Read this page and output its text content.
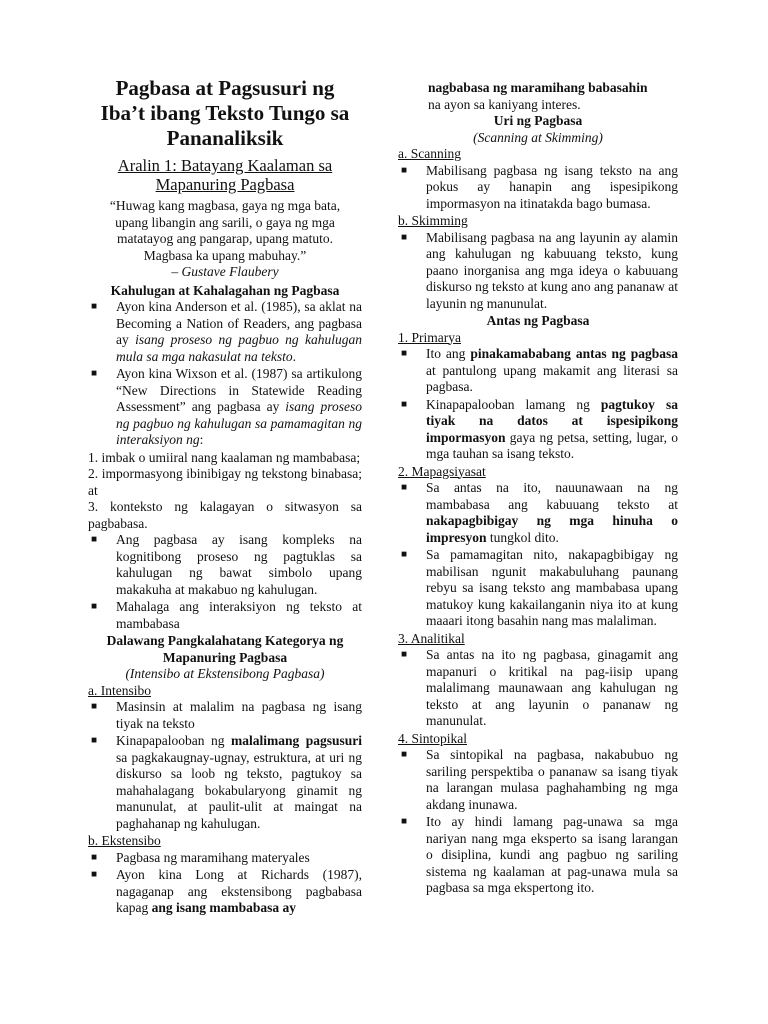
Pagbasa at Pagsusuri ng
Iba’t ibang Teksto Tungo sa
Pananaliksik
Aralin 1: Batayang Kaalaman sa
Mapanuring Pagbasa

“Huwag kang magbasa, gaya ng mga bata,

upang libangin ang sarili, o gaya ng mga

matatayog ang pangarap, upang matuto.

Magbasa ka upang mabuhay.”

– Gustave Flaubery

Kahulugan at Kahalagahan ng Pagbasa

■ Ayon kina Anderson et al. (1985), sa aklat na Becoming a Nation of Readers, ang pagbasa ay isang proseso ng pagbuo ng kahulugan mula sa mga nakasulat na teksto.
■ Ayon kina Wixson et al. (1987) sa artikulong “New Directions in Statewide Reading Assessment” ang pagbasa ay isang proseso ng pagbuo ng kahulugan sa pamamagitan ng interaksiyon ng:

1. imbak o umiiral nang kaalaman ng mambabasa;

2. impormasyong ibinibigay ng tekstong binabasa; at

3. konteksto ng kalagayan o sitwasyon sa pagbabasa.

■ Ang pagbasa ay isang kompleks na kognitibong proseso ng pagtuklas sa kahulugan ng bawat simbolo upang makakuha at makabuo ng kahulugan.
■ Mahalaga ang interaksiyon ng teksto at mambabasa

Dalawang Pangkalahatang Kategorya ng

Mapanuring Pagbasa

(Intensibo at Ekstensibong Pagbasa)

a. Intensibo

■ Masinsin at malalim na pagbasa ng isang tiyak na teksto
■ Kinapapalooban ng malalimang pagsusuri sa pagkakaugnay-ugnay, estruktura, at uri ng diskurso sa loob ng teksto, pagtukoy sa mahahalagang bokabularyong ginamit ng manunulat, at paulit-ulit at maingat na paghahanap ng kahulugan.

b. Ekstensibo

■ Pagbasa ng maramihang materyales
■ Ayon kina Long at Richards (1987), nagaganap ang ekstensibong pagbabasa kapag ang isang mambabasa ay

nagbabasa ng maramihang babasahin

na ayon sa kaniyang interes.

Uri ng Pagbasa

(Scanning at Skimming)

a. Scanning

■ Mabilisang pagbasa ng isang teksto na ang pokus ay hanapin ang ispesipikong impormasyon na itinatakda bago bumasa.

b. Skimming

■ Mabilisang pagbasa na ang layunin ay alamin ang kahulugan ng kabuuang teksto, kung paano inorganisa ang mga ideya o kabuuang diskurso ng teksto at kung ano ang pananaw at layunin ng manunulat.

Antas ng Pagbasa

1. Primarya

■ Ito ang pinakamababang antas ng pagbasa at pantulong upang makamit ang literasi sa pagbasa.
■ Kinapapalooban lamang ng pagtukoy sa tiyak na datos at ispesipikong impormasyon gaya ng petsa, setting, lugar, o mga tauhan sa isang teksto.

2. Mapagsiyasat

■ Sa antas na ito, nauunawaan na ng mambabasa ang kabuuang teksto at nakapagbibigay ng mga hinuha o impresyon tungkol dito.
■ Sa pamamagitan nito, nakapagbibigay ng mabilisan ngunit makabuluhang paunang rebyu sa isang teksto ang mambabasa upang matukoy kung kakailanganin niya ito at kung maaari itong basahin nang mas malaliman.

3. Analitikal

■ Sa antas na ito ng pagbasa, ginagamit ang mapanuri o kritikal na pag-iisip upang malalimang maunawaan ang kahulugan ng teksto at ang layunin o pananaw ng manunulat.

4. Sintopikal

■ Sa sintopikal na pagbasa, nakabubuo ng sariling perspektiba o pananaw sa isang tiyak na larangan mulasa paghahambing ng mga akdang inunawa.
■ Ito ay hindi lamang pag-unawa sa mga nariyan nang mga eksperto sa isang larangan o disiplina, kundi ang pagbuo ng sariling sistema ng kaalaman at pag-unawa mula sa pagbasa sa mga ekspertong ito.
